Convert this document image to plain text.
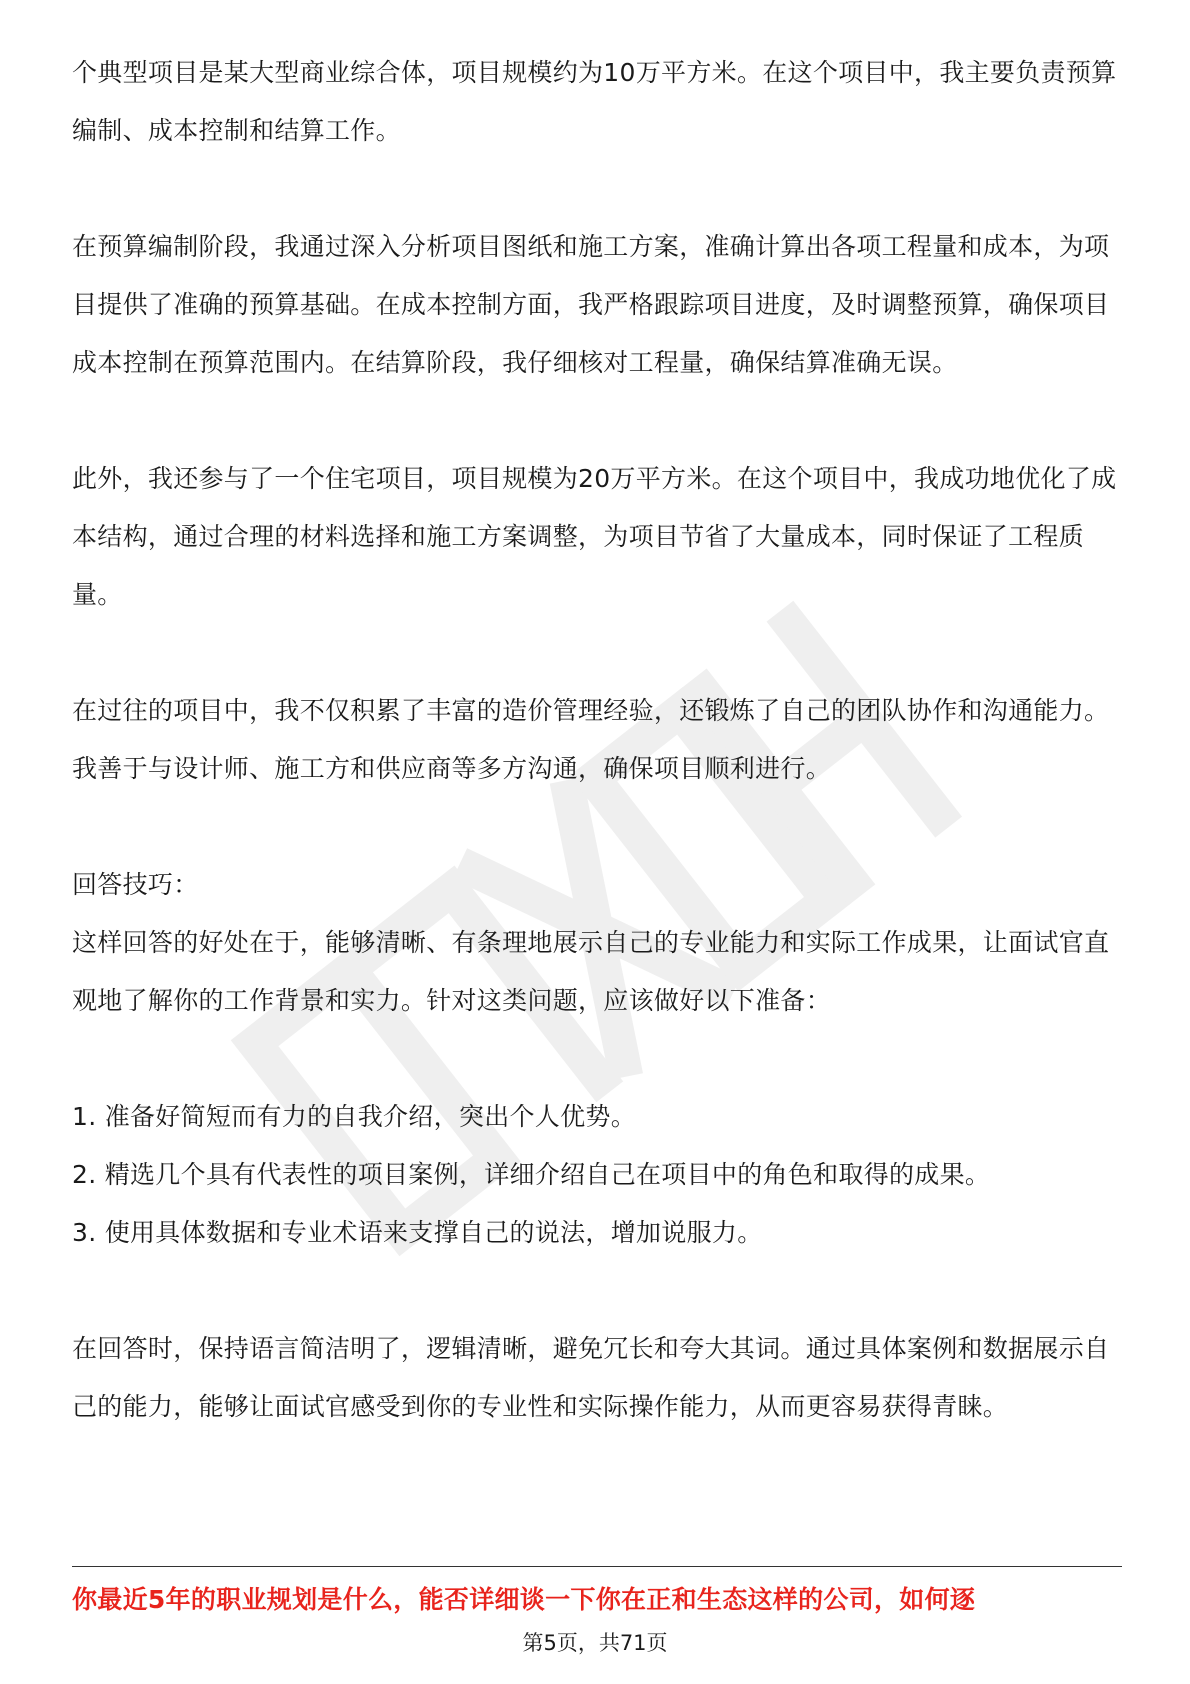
个典型项目是某大型商业综合体，项目规模约为10万平方米。在这个项目中，我主要负责预算编制、成本控制和结算工作。

在预算编制阶段，我通过深入分析项目图纸和施工方案，准确计算出各项工程量和成本，为项目提供了准确的预算基础。在成本控制方面，我严格跟踪项目进度，及时调整预算，确保项目成本控制在预算范围内。在结算阶段，我仔细核对工程量，确保结算准确无误。

此外，我还参与了一个住宅项目，项目规模为20万平方米。在这个项目中，我成功地优化了成本结构，通过合理的材料选择和施工方案调整，为项目节省了大量成本，同时保证了工程质量。

在过往的项目中，我不仅积累了丰富的造价管理经验，还锻炼了自己的团队协作和沟通能力。我善于与设计师、施工方和供应商等多方沟通，确保项目顺利进行。

回答技巧：

这样回答的好处在于，能够清晰、有条理地展示自己的专业能力和实际工作成果，让面试官直观地了解你的工作背景和实力。针对这类问题，应该做好以下准备：

1. 准备好简短而有力的自我介绍，突出个人优势。
2. 精选几个具有代表性的项目案例，详细介绍自己在项目中的角色和取得的成果。
3. 使用具体数据和专业术语来支撑自己的说法，增加说服力。

在回答时，保持语言简洁明了，逻辑清晰，避免冗长和夸大其词。通过具体案例和数据展示自己的能力，能够让面试官感受到你的专业性和实际操作能力，从而更容易获得青睐。

你最近5年的职业规划是什么，能否详细谈一下你在正和生态这样的公司，如何逐
第5页，共71页
